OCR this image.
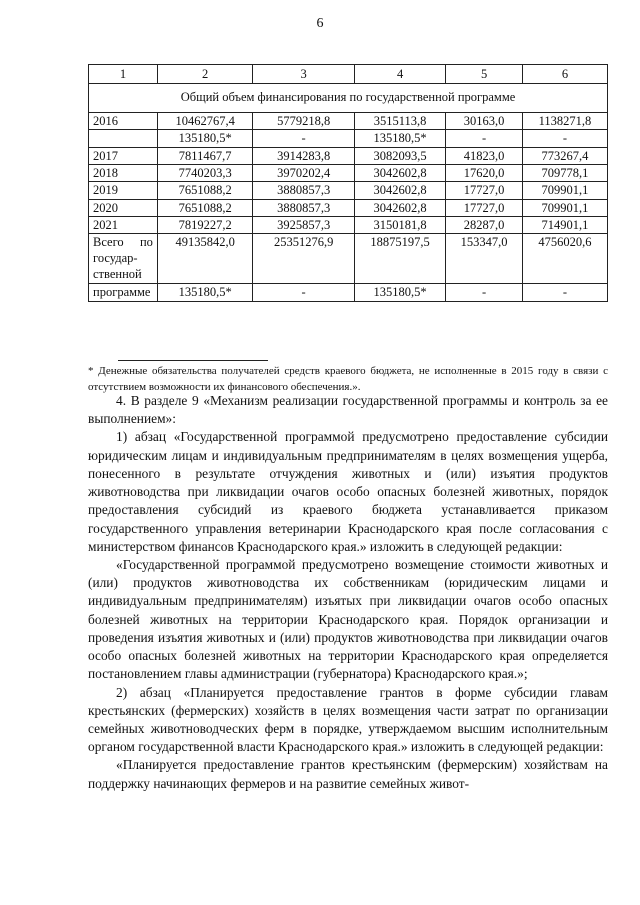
6
1	2	3	4	5	6
Общий объем финансирования по государственной программе					
2016	10462767,4	5779218,8	3515113,8	30163,0	1138271,8
	135180,5*	-	135180,5*	-	-
2017	7811467,7	3914283,8	3082093,5	41823,0	773267,4
2018	7740203,3	3970202,4	3042602,8	17620,0	709778,1
2019	7651088,2	3880857,3	3042602,8	17727,0	709901,1
2020	7651088,2	3880857,3	3042602,8	17727,0	709901,1
2021	7819227,2	3925857,3	3150181,8	28287,0	714901,1

Всего по
государ-
ственной	49135842,0	25351276,9	18875197,5	153347,0	4756020,6
программе	135180,5*	-	135180,5*	-	-
* Денежные обязательства получателей средств краевого бюджета, не исполненные в 2015 году в связи с отсутствием возможности их финансового обеспечения.».

4. В разделе 9 «Механизм реализации государственной программы и контроль за ее выполнением»:

1) абзац «Государственной программой предусмотрено предоставление субсидии юридическим лицам и индивидуальным предпринимателям в целях возмещения ущерба, понесенного в результате отчуждения животных и (или) изъятия продуктов животноводства при ликвидации очагов особо опасных болезней животных, порядок предоставления субсидий из краевого бюджета устанавливается приказом государственного управления ветеринарии Краснодарского края после согласования с министерством финансов Краснодарского края.» изложить в следующей редакции:

«Государственной программой предусмотрено возмещение стоимости животных и (или) продуктов животноводства их собственникам (юридическим лицами и индивидуальным предпринимателям) изъятых при ликвидации очагов особо опасных болезней животных на территории Краснодарского края. Порядок организации и проведения изъятия животных и (или) продуктов животноводства при ликвидации очагов особо опасных болезней животных на территории Краснодарского края определяется постановлением главы администрации (губернатора) Краснодарского края.»;

2) абзац «Планируется предоставление грантов в форме субсидии главам крестьянских (фермерских) хозяйств в целях возмещения части затрат по организации семейных животноводческих ферм в порядке, утверждаемом высшим исполнительным органом государственной власти Краснодарского края.» изложить в следующей редакции:

«Планируется предоставление грантов крестьянским (фермерским) хозяйствам на поддержку начинающих фермеров и на развитие семейных живот-
